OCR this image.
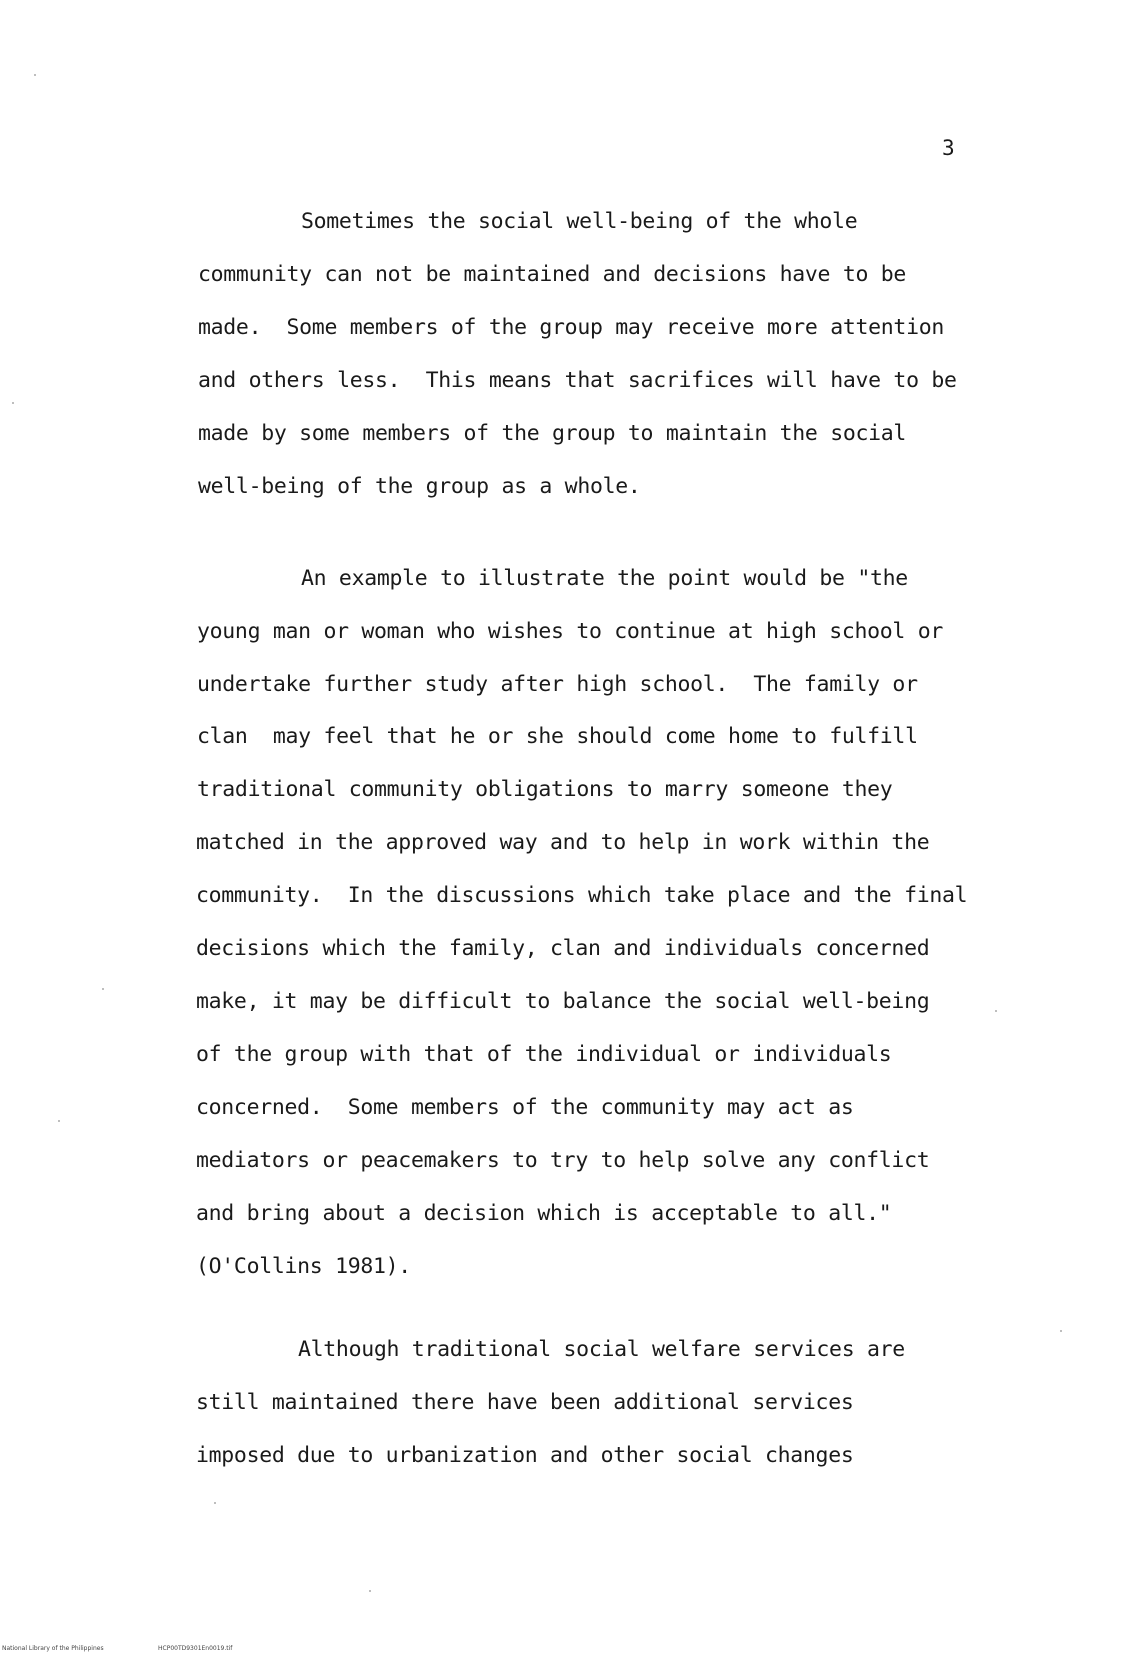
3
Sometimes the social well-being of the whole
community can not be maintained and decisions have to be
made.  Some members of the group may receive more attention
and others less.  This means that sacrifices will have to be
made by some members of the group to maintain the social
well-being of the group as a whole.
An example to illustrate the point would be "the
young man or woman who wishes to continue at high school or
undertake further study after high school.  The family or
clan  may feel that he or she should come home to fulfill
traditional community obligations to marry someone they
matched in the approved way and to help in work within the
community.  In the discussions which take place and the final
decisions which the family, clan and individuals concerned
make, it may be difficult to balance the social well-being
of the group with that of the individual or individuals
concerned.  Some members of the community may act as
mediators or peacemakers to try to help solve any conflict
and bring about a decision which is acceptable to all."
(O'Collins 1981).
Although traditional social welfare services are
still maintained there have been additional services
imposed due to urbanization and other social changes
National Library of the Philippines	HCP00TD9301En0019.tif
